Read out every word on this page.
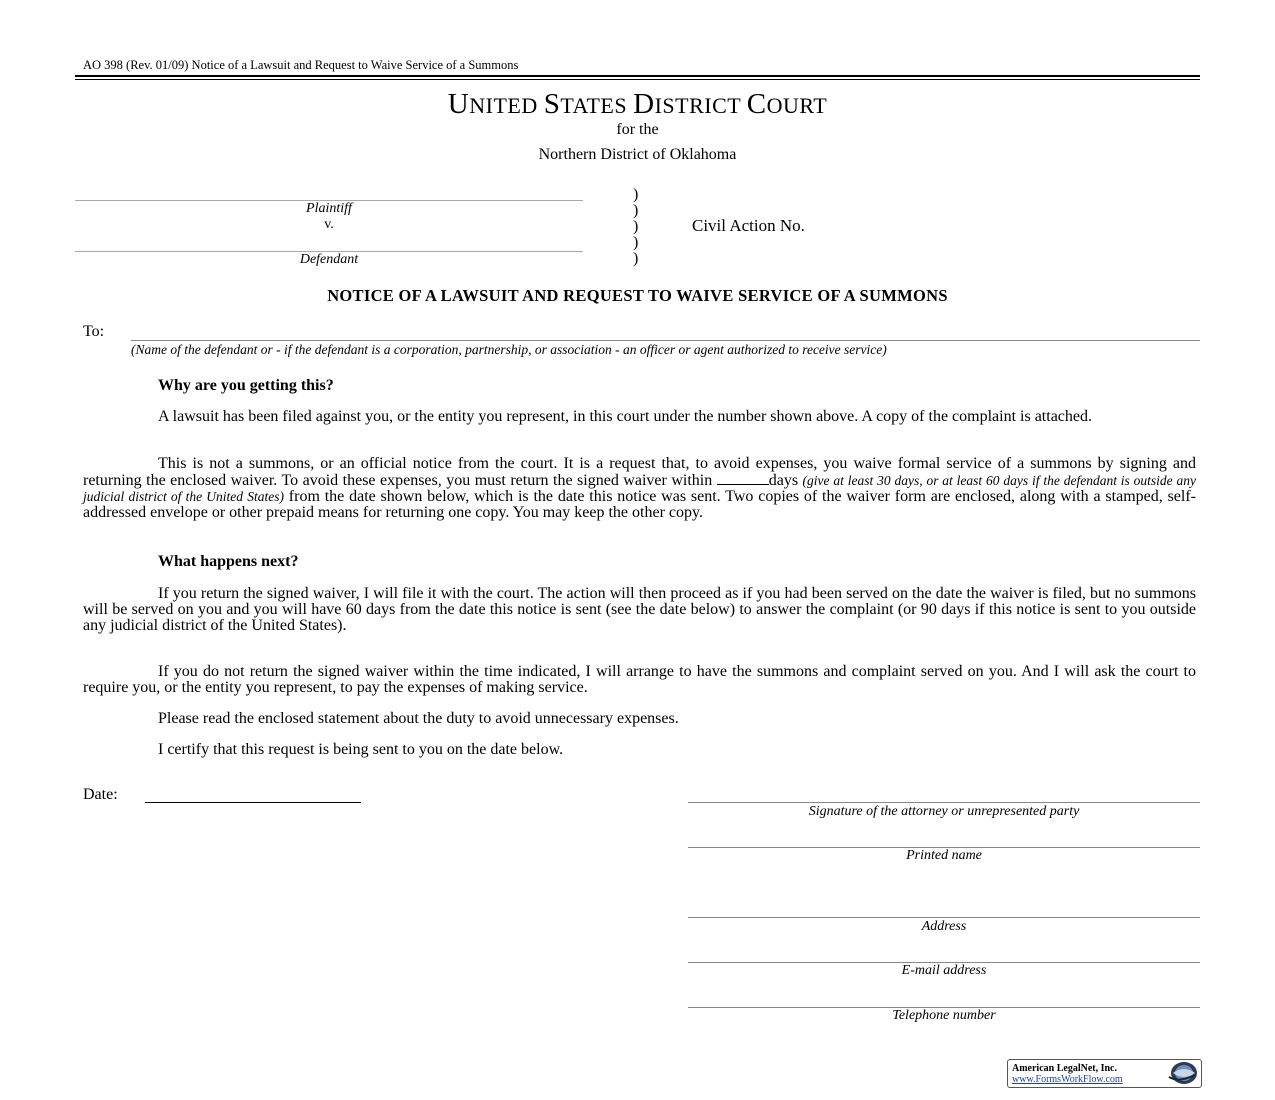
AO 398 (Rev. 01/09) Notice of a Lawsuit and Request to Waive Service of a Summons
UNITED STATES DISTRICT COURT
for the
Northern District of Oklahoma
Plaintiff
v.
Defendant
)
)
)
)
)
Civil Action No.
NOTICE OF A LAWSUIT AND REQUEST TO WAIVE SERVICE OF A SUMMONS
To:
(Name of the defendant or - if the defendant is a corporation, partnership, or association - an officer or agent authorized to receive service)
Why are you getting this?
A lawsuit has been filed against you, or the entity you represent, in this court under the number shown above. A copy of the complaint is attached.
This is not a summons, or an official notice from the court. It is a request that, to avoid expenses, you waive formal service of a summons by signing and returning the enclosed waiver. To avoid these expenses, you must return the signed waiver within	days (give at least 30 days, or at least 60 days if the defendant is outside any judicial district of the United States) from the date shown below, which is the date this notice was sent. Two copies of the waiver form are enclosed, along with a stamped, self-addressed envelope or other prepaid means for returning one copy. You may keep the other copy.
What happens next?
If you return the signed waiver, I will file it with the court. The action will then proceed as if you had been served on the date the waiver is filed, but no summons will be served on you and you will have 60 days from the date this notice is sent (see the date below) to answer the complaint (or 90 days if this notice is sent to you outside any judicial district of the United States).
If you do not return the signed waiver within the time indicated, I will arrange to have the summons and complaint served on you. And I will ask the court to require you, or the entity you represent, to pay the expenses of making service.
Please read the enclosed statement about the duty to avoid unnecessary expenses.
I certify that this request is being sent to you on the date below.
Date:
Signature of the attorney or unrepresented party
Printed name
Address
E-mail address
Telephone number
American LegalNet, Inc.
www.FormsWorkFlow.com
